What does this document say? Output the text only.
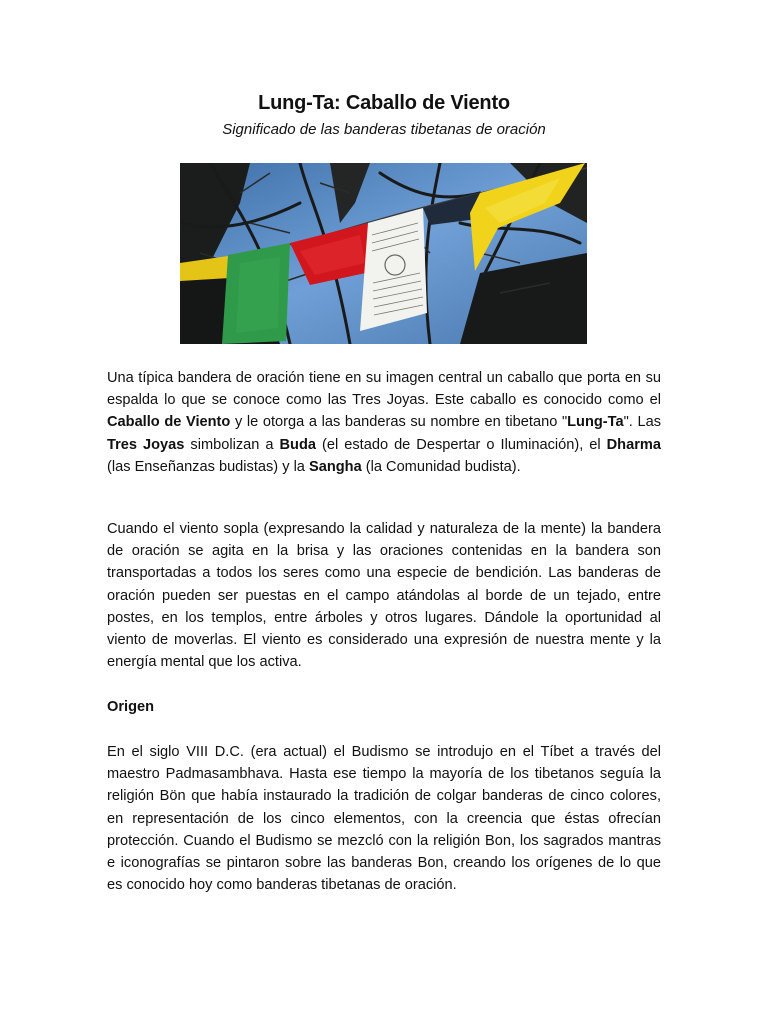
Lung-Ta: Caballo de Viento
Significado de las banderas tibetanas de oración
Una típica bandera de oración tiene en su imagen central un caballo que porta en su espalda lo que se conoce como las Tres Joyas. Este caballo es conocido como el Caballo de Viento y le otorga a las banderas su nombre en tibetano "Lung-Ta". Las Tres Joyas simbolizan a Buda (el estado de Despertar o Iluminación), el Dharma (las Enseñanzas budistas) y la Sangha (la Comunidad budista).
Cuando el viento sopla (expresando la calidad y naturaleza de la mente) la bandera de oración se agita en la brisa y las oraciones contenidas en la bandera son transportadas a todos los seres como una especie de bendición. Las banderas de oración pueden ser puestas en el campo atándolas al borde de un tejado, entre postes, en los templos, entre árboles y otros lugares. Dándole la oportunidad al viento de moverlas. El viento es considerado una expresión de nuestra mente y la energía mental que los activa.
Origen
En el siglo VIII D.C. (era actual) el Budismo se introdujo en el Tíbet a través del maestro Padmasambhava. Hasta ese tiempo la mayoría de los tibetanos seguía la religión Bön que había instaurado la tradición de colgar banderas de cinco colores, en representación de los cinco elementos, con la creencia que éstas ofrecían protección. Cuando el Budismo se mezcló con la religión Bon, los sagrados mantras e iconografías se pintaron sobre las banderas Bon, creando los orígenes de lo que es conocido hoy como banderas tibetanas de oración.
